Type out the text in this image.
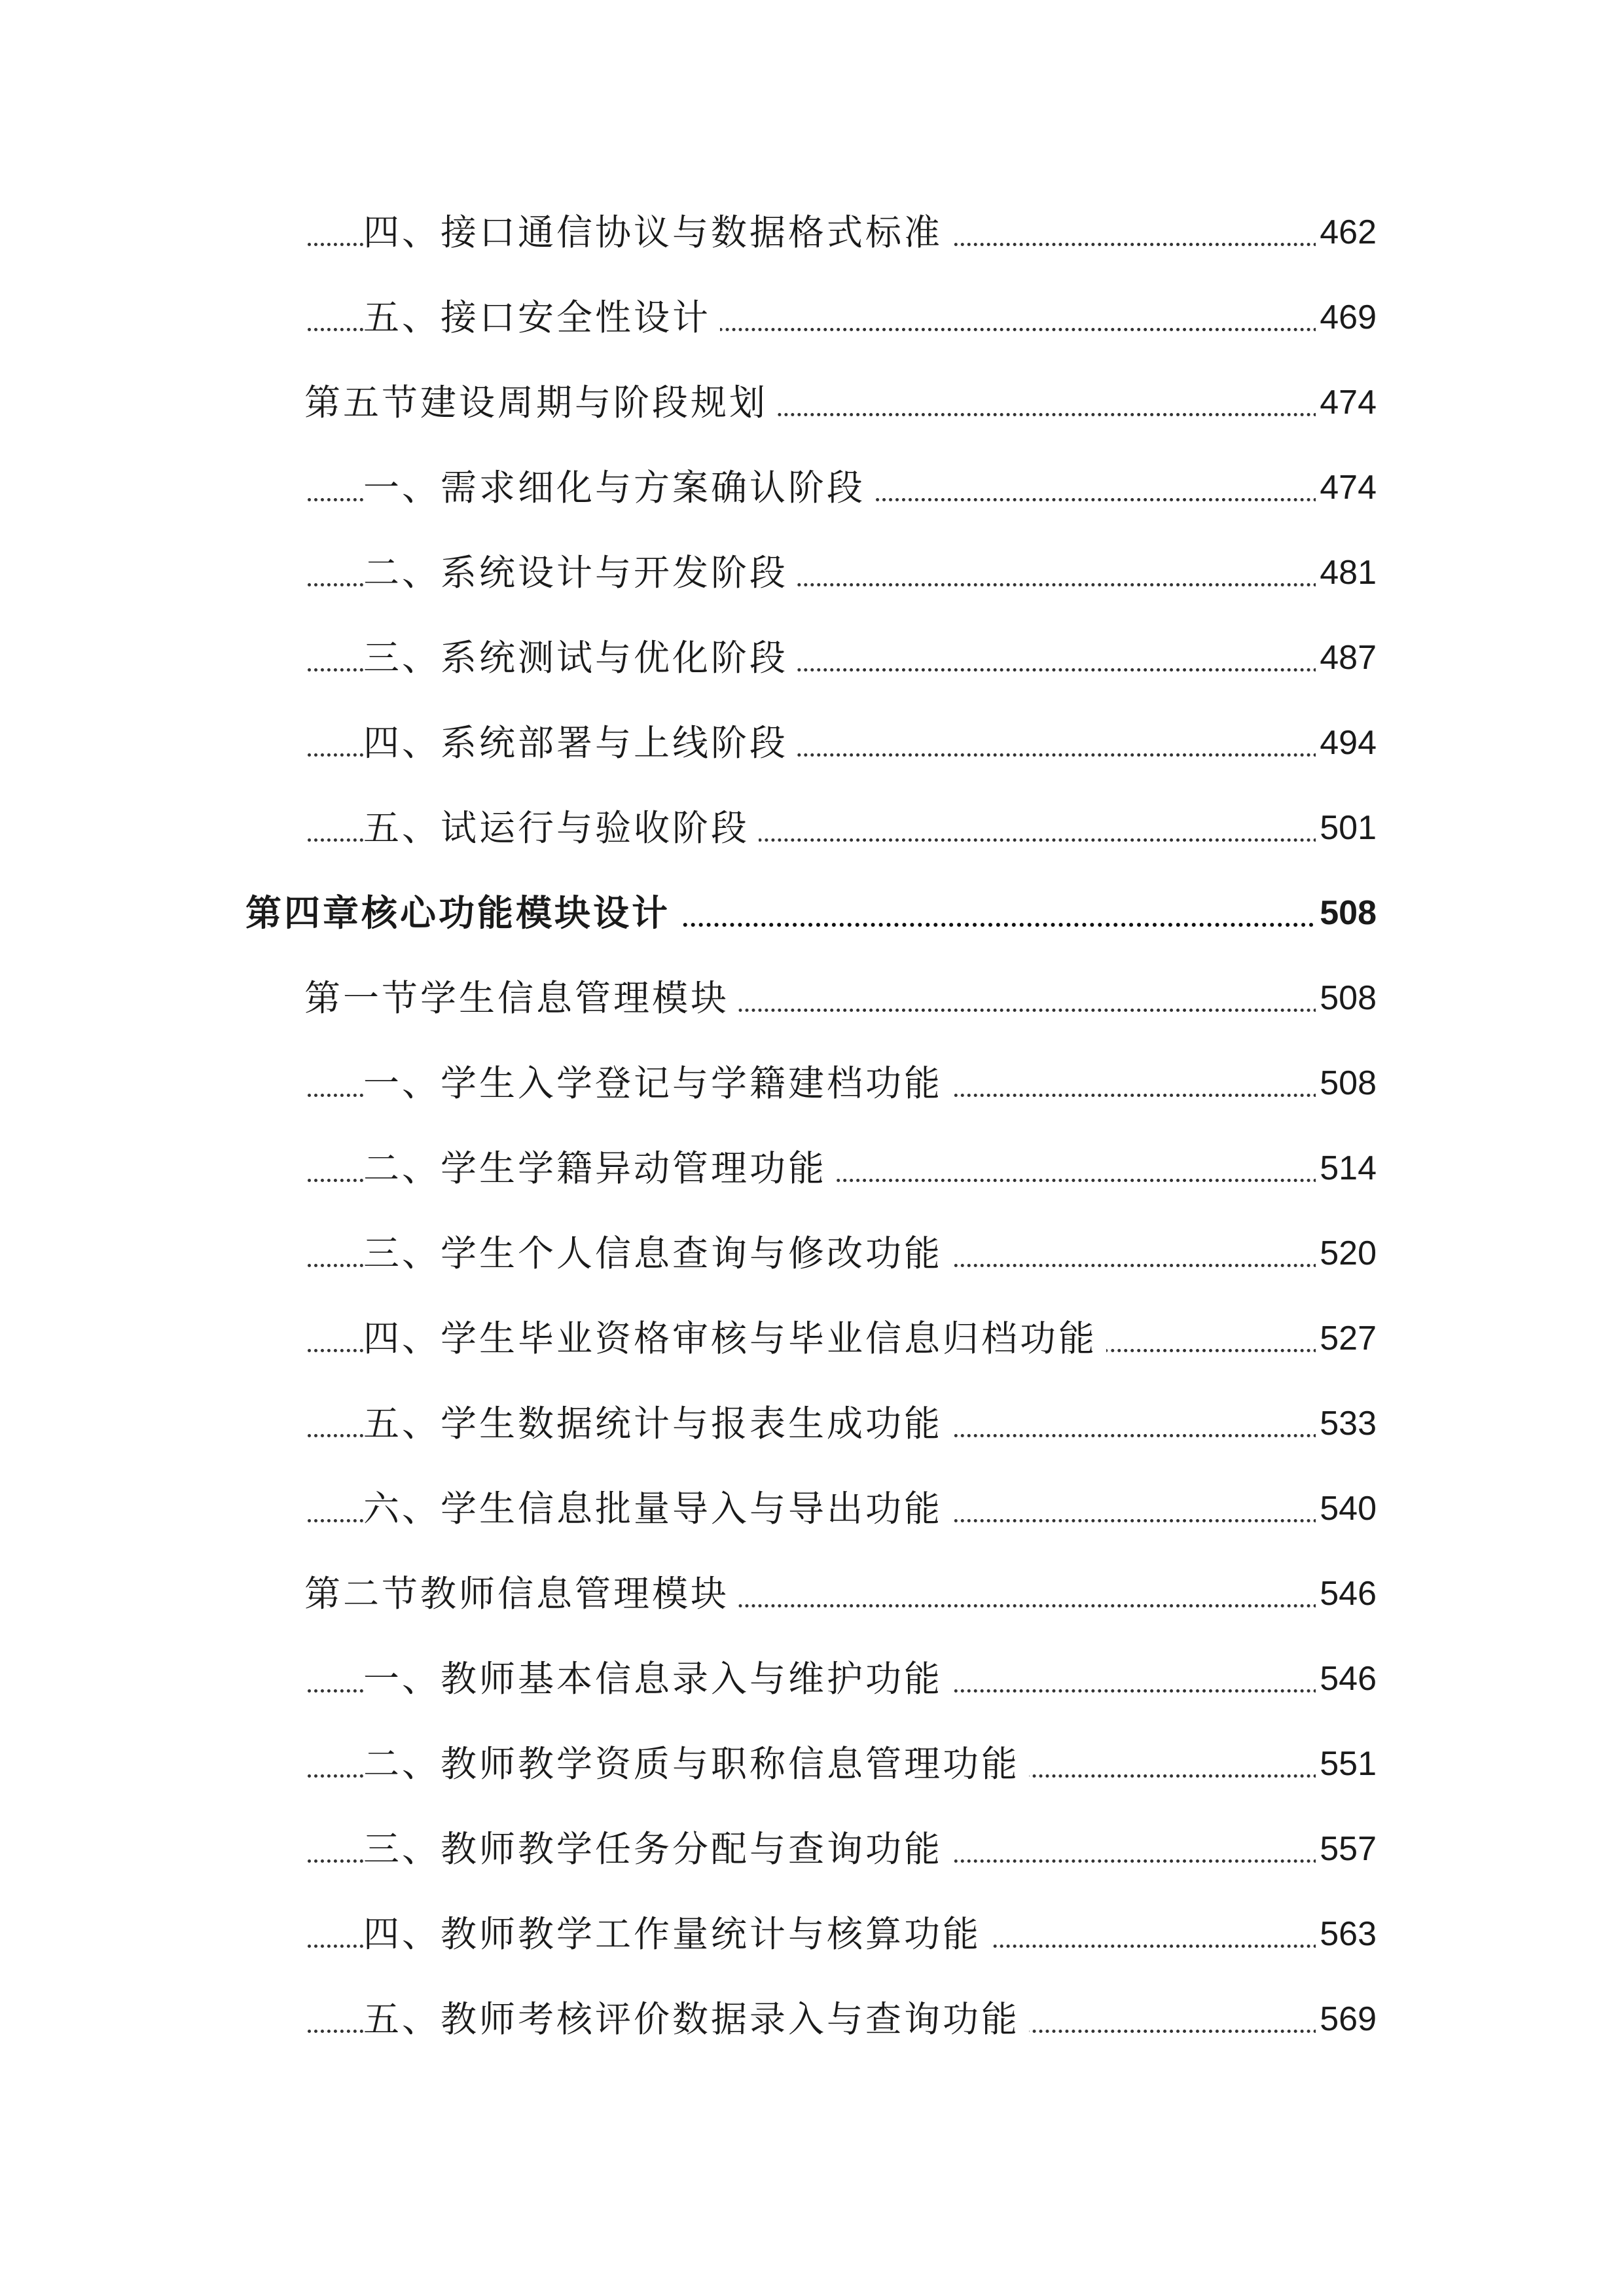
四、接口通信协议与数据格式标准	462
五、接口安全性设计	469
第五节建设周期与阶段规划	474
一、需求细化与方案确认阶段	474
二、系统设计与开发阶段	481
三、系统测试与优化阶段	487
四、系统部署与上线阶段	494
五、试运行与验收阶段	501
第四章核心功能模块设计	508
第一节学生信息管理模块	508
一、学生入学登记与学籍建档功能	508
二、学生学籍异动管理功能	514
三、学生个人信息查询与修改功能	520
四、学生毕业资格审核与毕业信息归档功能	527
五、学生数据统计与报表生成功能	533
六、学生信息批量导入与导出功能	540
第二节教师信息管理模块	546
一、教师基本信息录入与维护功能	546
二、教师教学资质与职称信息管理功能	551
三、教师教学任务分配与查询功能	557
四、教师教学工作量统计与核算功能	563
五、教师考核评价数据录入与查询功能	569
